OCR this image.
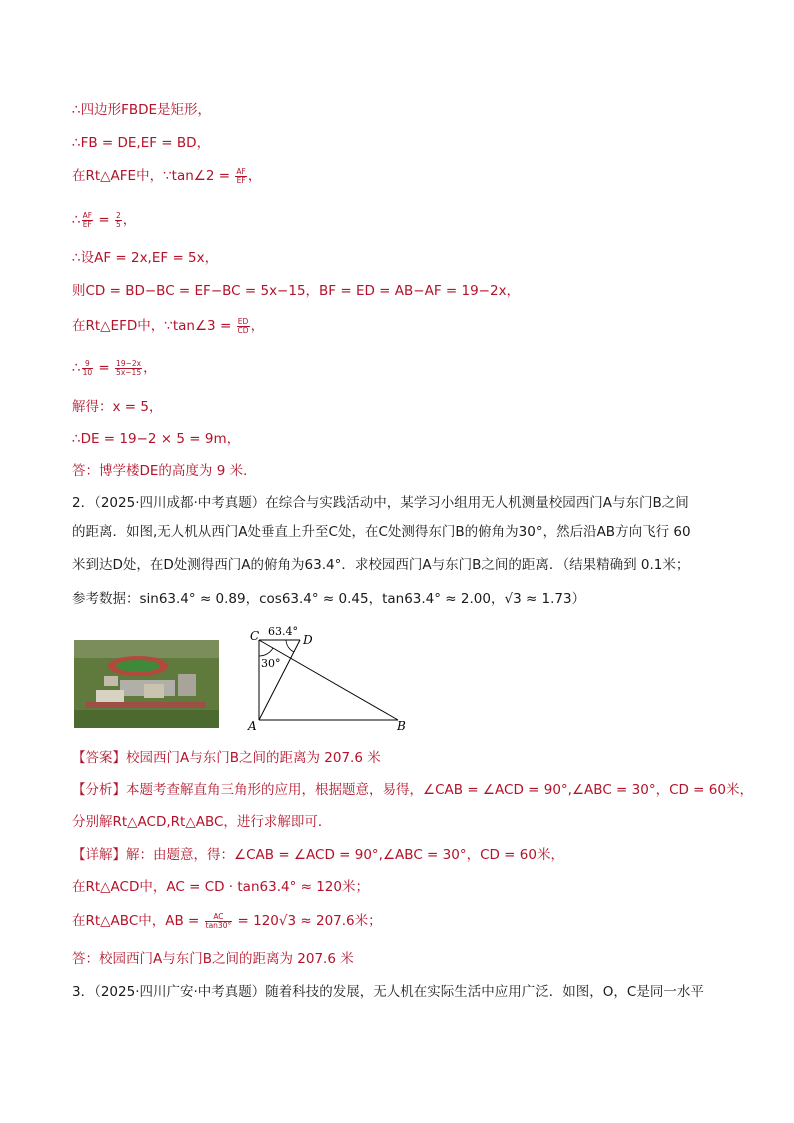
∴四边形FBDE是矩形，
∴FB = DE,EF = BD，
在Rt△AFE中，∵tan∠2 = $\frac{AF}{EF}$ ，
∴ $\frac{AF}{EF} = \frac{2}{5}$ ，
∴设AF = 2x,EF = 5x，
则CD = BD−BC = EF−BC = 5x−15，BF = ED = AB−AF = 19−2x，
在Rt△EFD中，∵tan∠3 = $\frac{ED}{CD}$ ，
∴ $\frac{9}{10} = \frac{19-2x}{5x-15}$ ，
解得：x = 5，
∴DE = 19−2 × 5 = 9m，
答：博学楼DE的高度为 9 米．
2．（2025·四川成都·中考真题）在综合与实践活动中，某学习小组用无人机测量校园西门A与东门B之间
的距离．如图,无人机从西门A处垂直上升至C处，在C处测得东门B的俯角为30°，然后沿AB方向飞行 60
米到达D处，在D处测得西门A的俯角为63.4°．求校园西门A与东门B之间的距离．（结果精确到 0.1米；
参考数据：sin63.4° ≈ 0.89，cos63.4° ≈ 0.45，tan63.4° ≈ 2.00，√3 ≈ 1.73）
C	D
A	B
63.4°
30°
【答案】校园西门A与东门B之间的距离为 207.6 米
【分析】本题考查解直角三角形的应用，根据题意，易得，∠CAB = ∠ACD = 90°,∠ABC = 30°，CD = 60米，
分别解Rt△ACD,Rt△ABC，进行求解即可．
【详解】解：由题意，得：∠CAB = ∠ACD = 90°,∠ABC = 30°，CD = 60米，
在Rt△ACD中，AC = CD · tan63.4° ≈ 120米；
在Rt△ABC中，AB = $\frac{AC}{\tan 30^\circ} = 120√3 \approx 207.6$米；
答：校园西门A与东门B之间的距离为 207.6 米
3．（2025·四川广安·中考真题）随着科技的发展，无人机在实际生活中应用广泛．如图，O，C是同一水平
